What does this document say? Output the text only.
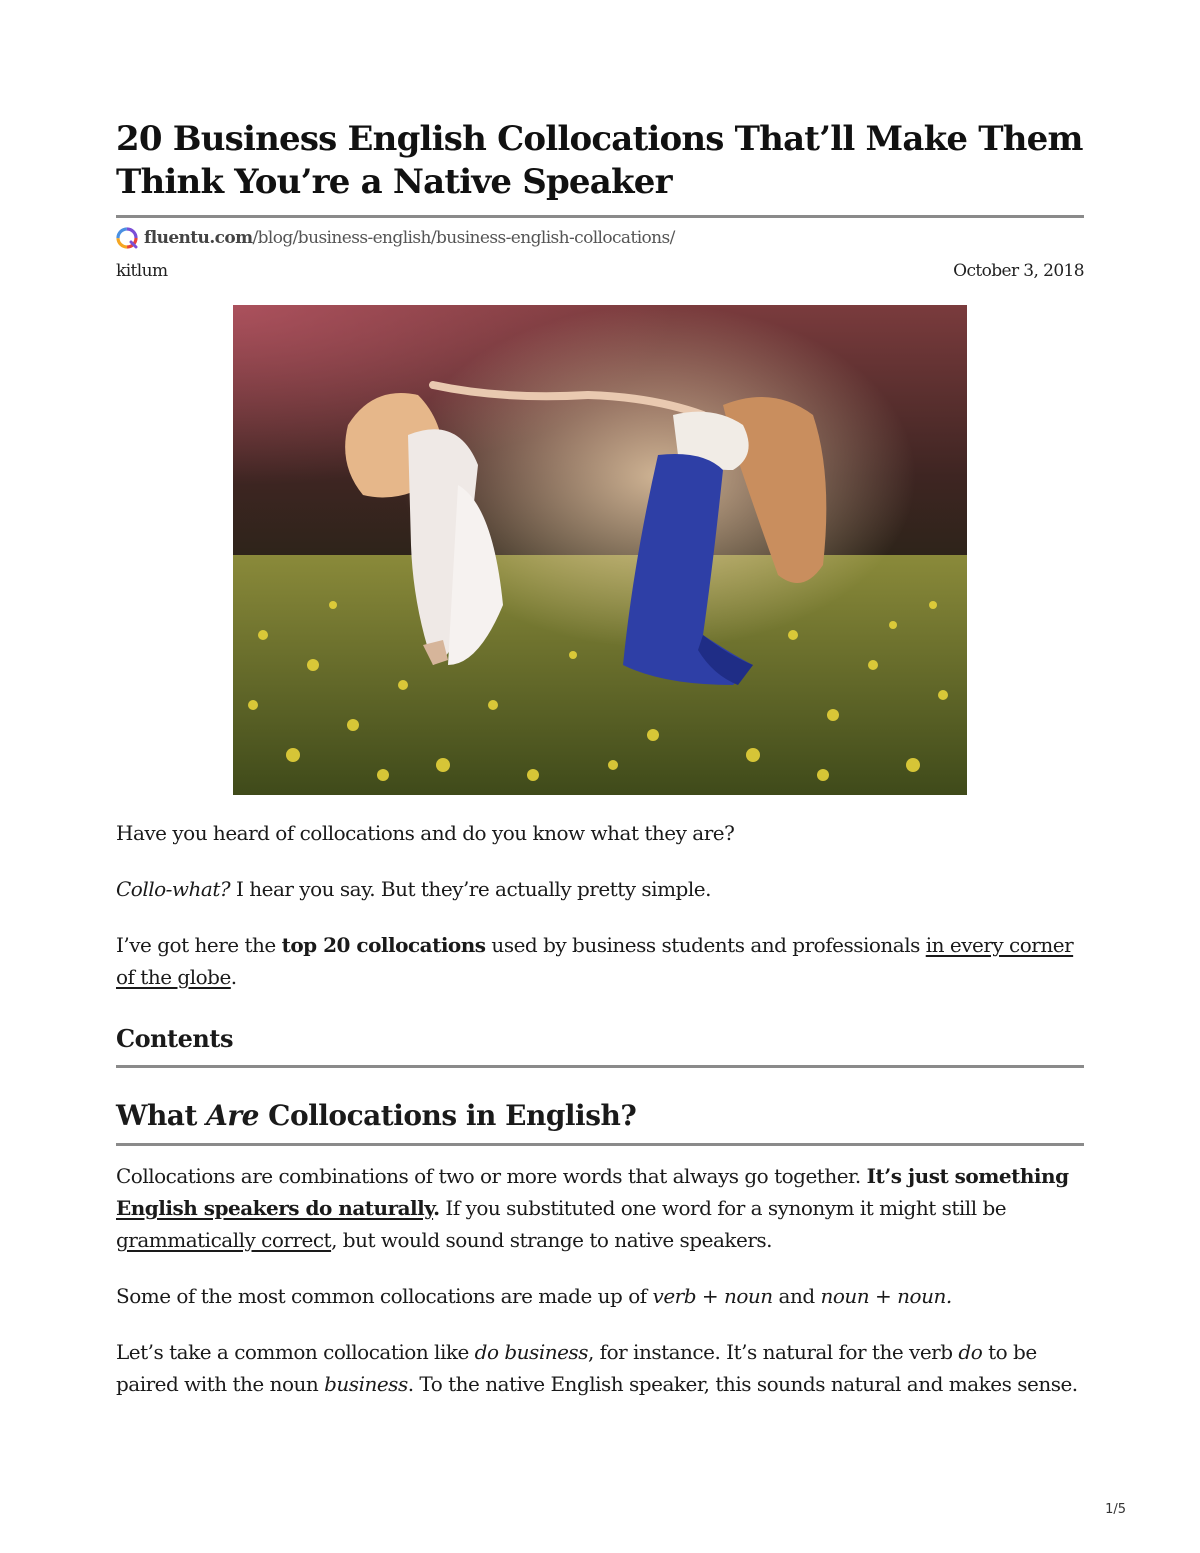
20 Business English Collocations That’ll Make Them Think You’re a Native Speaker
fluentu.com /blog/business-english/business-english-collocations/
kitlum	October 3, 2018

Have you heard of collocations and do you know what they are?

Collo-what? I hear you say. But they’re actually pretty simple.

I’ve got here the top 20 collocations used by business students and professionals in every corner of the globe.

Contents
What Are Collocations in English?

Collocations are combinations of two or more words that always go together. It’s just something English speakers do naturally. If you substituted one word for a synonym it might still be grammatically correct, but would sound strange to native speakers.

Some of the most common collocations are made up of verb + noun and noun + noun.

Let’s take a common collocation like do business, for instance. It’s natural for the verb do to be paired with the noun business. To the native English speaker, this sounds natural and makes sense.

1/5
